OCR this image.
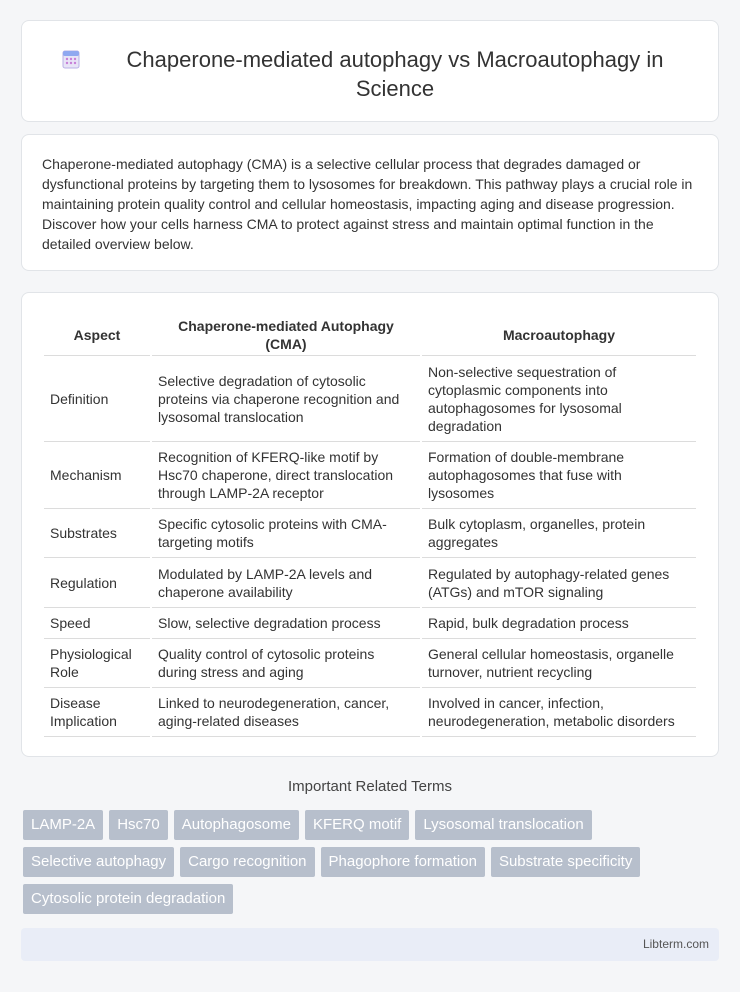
Chaperone-mediated autophagy vs Macroautophagy in Science

Chaperone-mediated autophagy (CMA) is a selective cellular process that degrades damaged or dysfunctional proteins by targeting them to lysosomes for breakdown. This pathway plays a crucial role in maintaining protein quality control and cellular homeostasis, impacting aging and disease progression. Discover how your cells harness CMA to protect against stress and maintain optimal function in the detailed overview below.

Aspect	Chaperone-mediated Autophagy (CMA)	Macroautophagy
Definition	Selective degradation of cytosolic proteins via chaperone recognition and lysosomal translocation	Non-selective sequestration of cytoplasmic components into autophagosomes for lysosomal degradation
Mechanism	Recognition of KFERQ-like motif by Hsc70 chaperone, direct translocation through LAMP-2A receptor	Formation of double-membrane autophagosomes that fuse with lysosomes
Substrates	Specific cytosolic proteins with CMA-targeting motifs	Bulk cytoplasm, organelles, protein aggregates
Regulation	Modulated by LAMP-2A levels and chaperone availability	Regulated by autophagy-related genes (ATGs) and mTOR signaling
Speed	Slow, selective degradation process	Rapid, bulk degradation process
Physiological Role	Quality control of cytosolic proteins during stress and aging	General cellular homeostasis, organelle turnover, nutrient recycling
Disease Implication	Linked to neurodegeneration, cancer, aging-related diseases	Involved in cancer, infection, neurodegeneration, metabolic disorders
Important Related Terms
LAMP-2A	Hsc70	Autophagosome	KFERQ motif	Lysosomal translocation
Selective autophagy	Cargo recognition	Phagophore formation	Substrate specificity
Cytosolic protein degradation
Libterm.com
